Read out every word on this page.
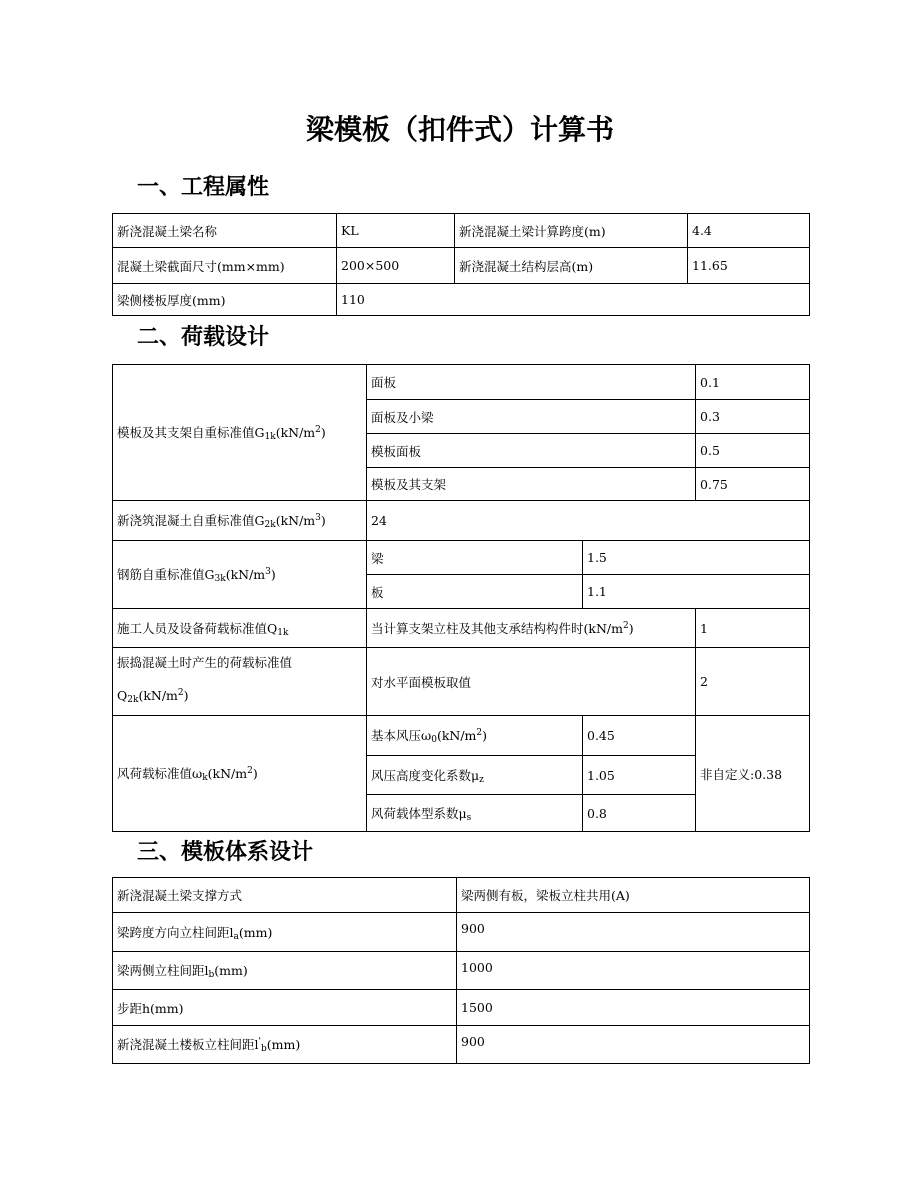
梁模板（扣件式）计算书
一、工程属性
新浇混凝土梁名称	KL	新浇混凝土梁计算跨度(m)	4.4
混凝土梁截面尺寸(mm×mm)	200×500	新浇混凝土结构层高(m)	11.65
梁侧楼板厚度(mm)	110		
二、荷载设计
模板及其支架自重标准值$G_{1k}(kN/m^2)$	面板		0.1
	面板及小梁		0.3
	模板面板		0.5
	模板及其支架		0.75
新浇筑混凝土自重标准值$G_{2k}(kN/m^3)$	24		
钢筋自重标准值$G_{3k}(kN/m^3)$	梁	1.5	
	板	1.1	
施工人员及设备荷载标准值$Q_{1k}$	当计算支架立柱及其他支承结构构件时$(kN/m^2)$		1
振捣混凝土时产生的荷载标准值
$Q_{2k}(kN/m^2)$	对水平面模板取值		2
风荷载标准值$\omega_k(kN/m^2)$	基本风压$\omega_0(kN/m^2)$	0.45	非自定义:0.38
	风压高度变化系数$\mu_z$	1.05	
	风荷载体型系数$\mu_s$	0.8	
三、模板体系设计
新浇混凝土梁支撑方式	梁两侧有板，梁板立柱共用(A)
梁跨度方向立柱间距$l_a(mm)$	900
梁两侧立柱间距$l_b(mm)$	1000
步距h(mm)	1500
新浇混凝土楼板立柱间距$l'_b(mm)$	900
